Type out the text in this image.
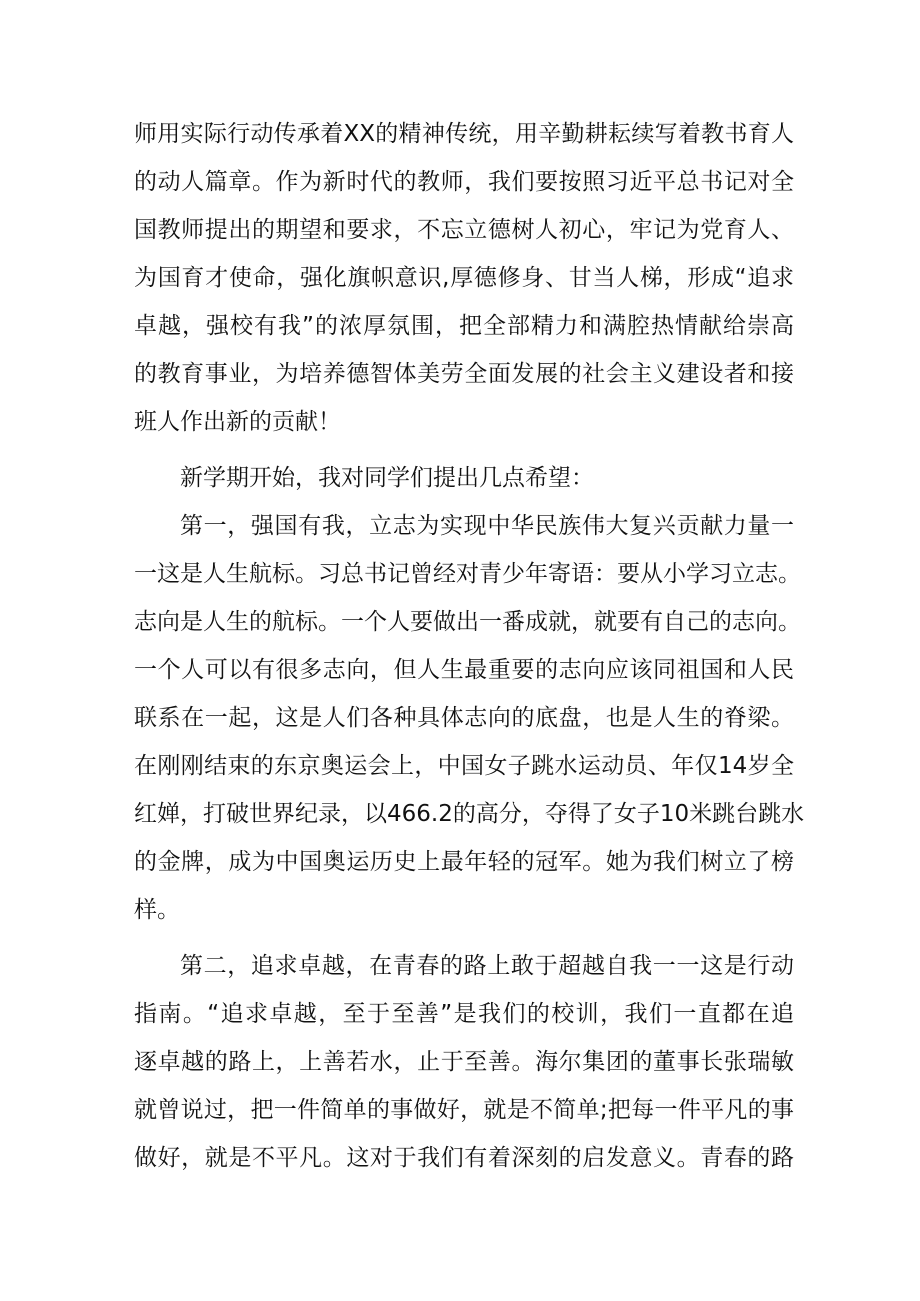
师用实际行动传承着XX的精神传统，用辛勤耕耘续写着教书育人
的动人篇章。作为新时代的教师，我们要按照习近平总书记对全
国教师提出的期望和要求，不忘立德树人初心，牢记为党育人、
为国育才使命，强化旗帜意识,厚德修身、甘当人梯，形成“追求
卓越，强校有我”的浓厚氛围，把全部精力和满腔热情献给崇高
的教育事业，为培养德智体美劳全面发展的社会主义建设者和接
班人作出新的贡献！
新学期开始，我对同学们提出几点希望：
第一，强国有我，立志为实现中华民族伟大复兴贡献力量一
一这是人生航标。习总书记曾经对青少年寄语：要从小学习立志。
志向是人生的航标。一个人要做出一番成就，就要有自己的志向。
一个人可以有很多志向，但人生最重要的志向应该同祖国和人民
联系在一起，这是人们各种具体志向的底盘，也是人生的脊梁。
在刚刚结束的东京奥运会上，中国女子跳水运动员、年仅14岁全
红婵，打破世界纪录，以466.2的高分，夺得了女子10米跳台跳水
的金牌，成为中国奥运历史上最年轻的冠军。她为我们树立了榜
样。
第二，追求卓越，在青春的路上敢于超越自我一一这是行动
指南。“追求卓越，至于至善”是我们的校训，我们一直都在追
逐卓越的路上，上善若水，止于至善。海尔集团的董事长张瑞敏
就曾说过，把一件简单的事做好，就是不简单;把每一件平凡的事
做好，就是不平凡。这对于我们有着深刻的启发意义。青春的路
